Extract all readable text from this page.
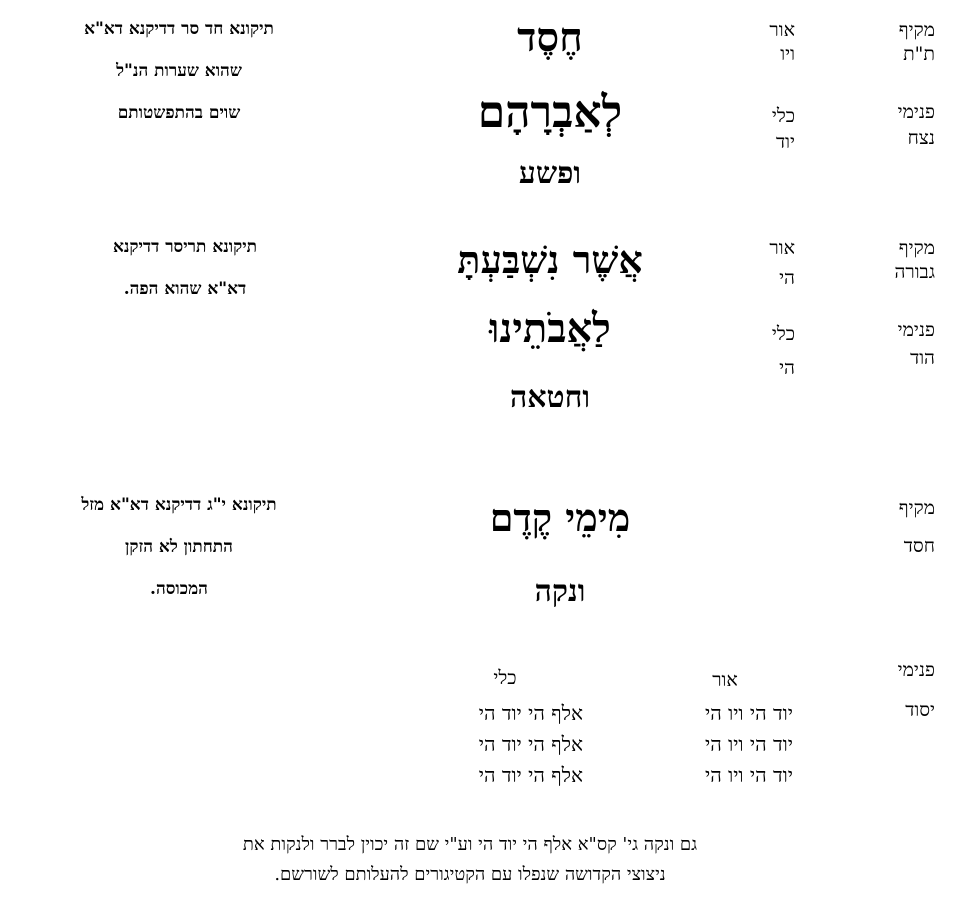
מקיף
ת"ת
פנימי
נצח
אור
ויו
כלי
יוד
חֶסֶד
לְאַבְרָהָם
ופשע
תיקונא חד סר דדיקנא דא"א
שהוא שערות הנ"ל
שוים בהתפשטותם
מקיף
גבורה
פנימי
הוד
אור
הי
כלי
הי
אֲשֶׁר נִשְׁבַּעְתָּ
לַאֲבֹתֵינוּ
וחטאה
תיקונא תריסר דדיקנא
דא"א שהוא הפה.
מקיף
חסד
מִימֵי קֶדֶם
ונקה
תיקונא י"ג דדיקנא דא"א מזל
התחתון לא הזקן
המכוסה.
פנימי
יסוד
אור
כלי
יוד הי ויו הי
יוד הי ויו הי
יוד הי ויו הי
אלף הי יוד הי
אלף הי יוד הי
אלף הי יוד הי
גם ונקה גי' קס"א אלף הי יוד הי וע"י שם זה יכוין לברר ולנקות את
ניצוצי הקדושה שנפלו עם הקטיגורים להעלותם לשורשם.
